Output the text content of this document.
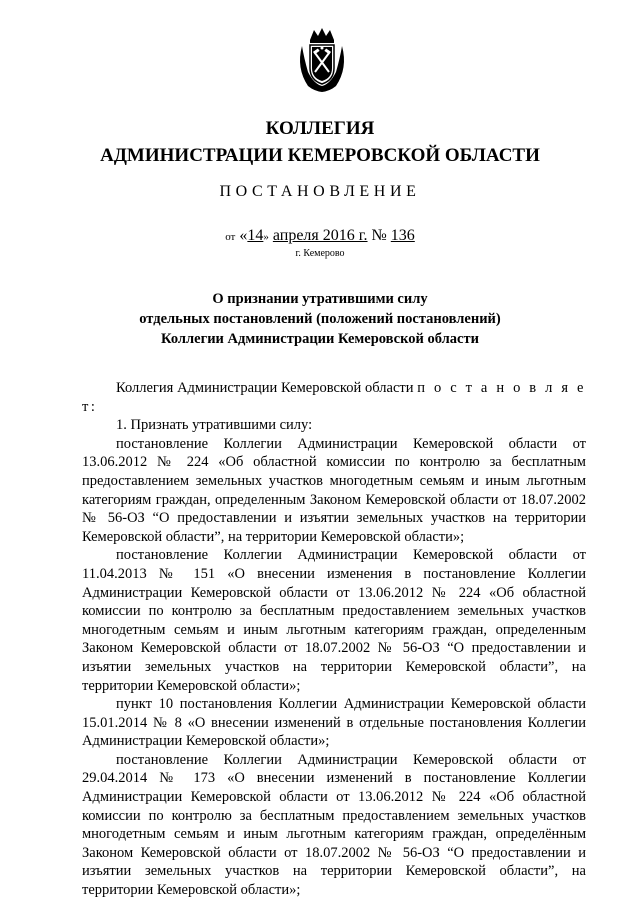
КОЛЛЕГИЯ
АДМИНИСТРАЦИИ КЕМЕРОВСКОЙ ОБЛАСТИ
ПОСТАНОВЛЕНИЕ
от «14» апреля 2016 г. № 136
г. Кемерово
О признании утратившими силу
отдельных постановлений (положений постановлений)
Коллегии Администрации Кемеровской области

Коллегия Администрации Кемеровской области п о с т а н о в л я е т:

1. Признать утратившими силу:

постановление Коллегии Администрации Кемеровской области от 13.06.2012 № 224 «Об областной комиссии по контролю за бесплатным предоставлением земельных участков многодетным семьям и иным льготным категориям граждан, определенным Законом Кемеровской области от 18.07.2002 № 56-ОЗ “О предоставлении и изъятии земельных участков на территории Кемеровской области”, на территории Кемеровской области»;

постановление Коллегии Администрации Кемеровской области от 11.04.2013 № 151 «О внесении изменения в постановление Коллегии Администрации Кемеровской области от 13.06.2012 № 224 «Об областной комиссии по контролю за бесплатным предоставлением земельных участков многодетным семьям и иным льготным категориям граждан, определенным Законом Кемеровской области от 18.07.2002 № 56-ОЗ “О предоставлении и изъятии земельных участков на территории Кемеровской области”, на территории Кемеровской области»;

пункт 10 постановления Коллегии Администрации Кемеровской области 15.01.2014 № 8 «О внесении изменений в отдельные постановления Коллегии Администрации Кемеровской области»;

постановление Коллегии Администрации Кемеровской области от 29.04.2014 № 173 «О внесении изменений в постановление Коллегии Администрации Кемеровской области от 13.06.2012 № 224 «Об областной комиссии по контролю за бесплатным предоставлением земельных участков многодетным семьям и иным льготным категориям граждан, определённым Законом Кемеровской области от 18.07.2002 № 56-ОЗ “О предоставлении и изъятии земельных участков на территории Кемеровской области”, на территории Кемеровской области»;
